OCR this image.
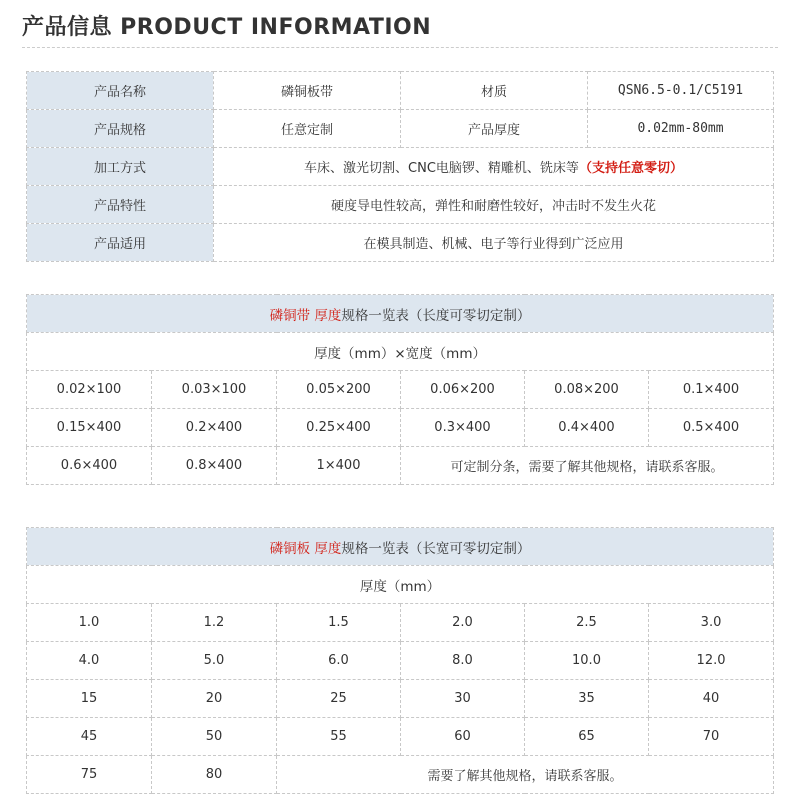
产品信息 PRODUCT INFORMATION
产品名称	磷铜板带	材质	QSN6.5-0.1/C5191
产品规格	任意定制	产品厚度	0.02mm-80mm
加工方式	车床、激光切割、CNC电脑锣、精雕机、铣床等（支持任意零切）		
产品特性	硬度导电性较高，弹性和耐磨性较好，冲击时不发生火花		
产品适用	在模具制造、机械、电子等行业得到广泛应用		
磷铜带 厚度规格一览表（长度可零切定制）					
厚度（mm）×宽度（mm）					
0.02×100	0.03×100	0.05×200	0.06×200	0.08×200	0.1×400
0.15×400	0.2×400	0.25×400	0.3×400	0.4×400	0.5×400
0.6×400	0.8×400	1×400	可定制分条，需要了解其他规格，请联系客服。		
磷铜板 厚度规格一览表（长宽可零切定制）					
厚度（mm）					
1.0	1.2	1.5	2.0	2.5	3.0
4.0	5.0	6.0	8.0	10.0	12.0
15	20	25	30	35	40
45	50	55	60	65	70
75	80	需要了解其他规格，请联系客服。			
